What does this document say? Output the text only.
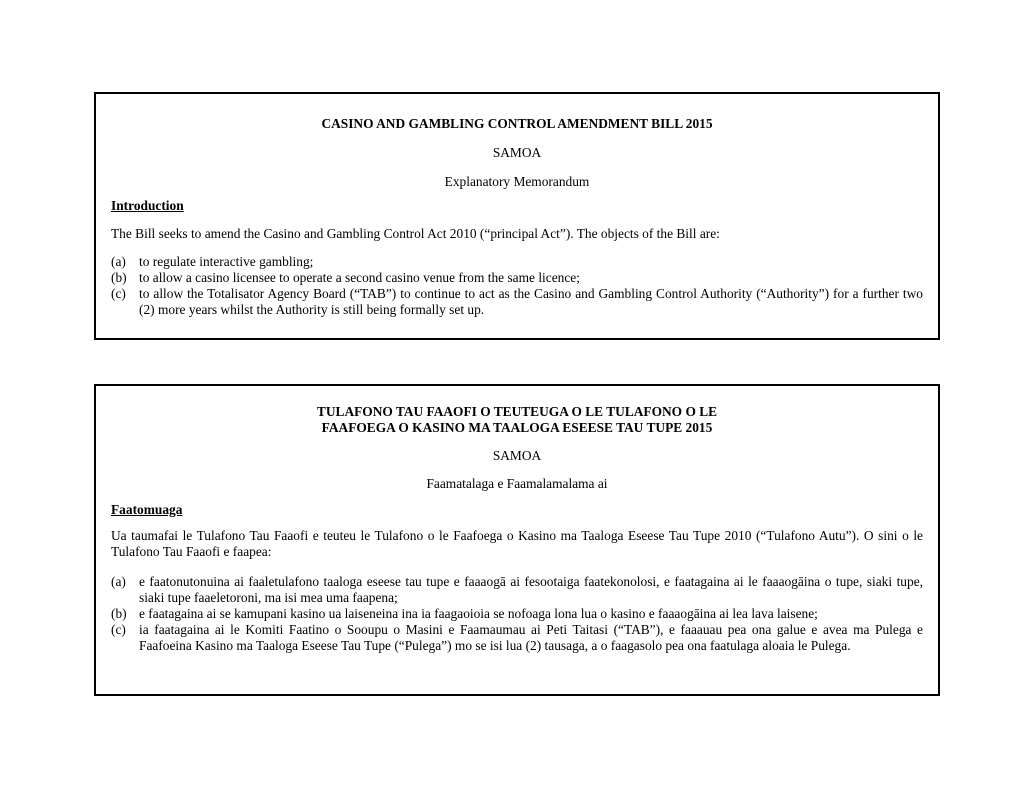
CASINO AND GAMBLING CONTROL AMENDMENT BILL 2015

SAMOA

Explanatory Memorandum

Introduction

The Bill seeks to amend the Casino and Gambling Control Act 2010 (“principal Act”). The objects of the Bill are:

(a) to regulate interactive gambling;
(b) to allow a casino licensee to operate a second casino venue from the same licence;
(c) to allow the Totalisator Agency Board (“TAB”) to continue to act as the Casino and Gambling Control Authority (“Authority”) for a further two (2) more years whilst the Authority is still being formally set up.

TULAFONO TAU FAAOFI O TEUTEUGA O LE TULAFONO O LE

FAAFOEGA O KASINO MA TAALOGA ESEESE TAU TUPE 2015

SAMOA

Faamatalaga e Faamalamalama ai

Faatomuaga

Ua taumafai le Tulafono Tau Faaofi e teuteu le Tulafono o le Faafoega o Kasino ma Taaloga Eseese Tau Tupe 2010 (“Tulafono Autu”). O sini o le Tulafono Tau Faaofi e faapea:

(a) e faatonutonuina ai faaletulafono taaloga eseese tau tupe e faaaogā ai fesootaiga faatekonolosi, e faatagaina ai le faaaogāina o tupe, siaki tupe, siaki tupe faaeletoroni, ma isi mea uma faapena;
(b) e faatagaina ai se kamupani kasino ua laiseneina ina ia faagaoioia se nofoaga lona lua o kasino e faaaogāina ai lea lava laisene;
(c) ia faatagaina ai le Komiti Faatino o Sooupu o Masini e Faamaumau ai Peti Taitasi (“TAB”), e faaauau pea ona galue e avea ma Pulega e Faafoeina Kasino ma Taaloga Eseese Tau Tupe (“Pulega”) mo se isi lua (2) tausaga, a o faagasolo pea ona faatulaga aloaia le Pulega.
